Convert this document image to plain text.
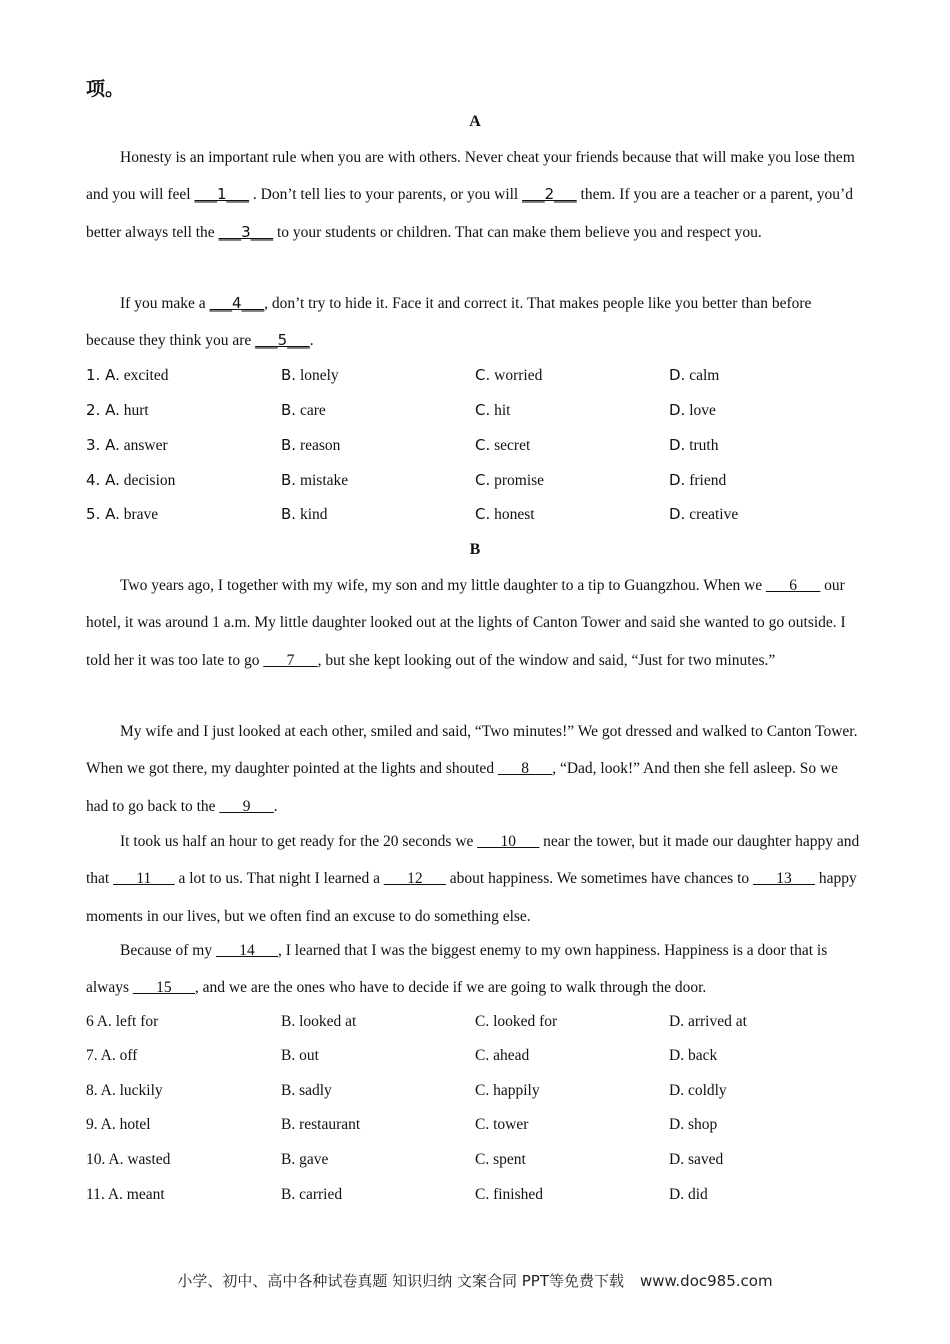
项。
A

Honesty is an important rule when you are with others. Never cheat your friends because that will make you lose them and you will feel ___1___ . Don’t tell lies to your parents, or you will ___2___ them. If you are a teacher or a parent, you’d better always tell the ___3___ to your students or children. That can make them believe you and respect you.

If you make a ___4___, don’t try to hide it. Face it and correct it. That makes people like you better than before because they think you are ___5___.

1. A. excited	B. lonely	C. worried	D. calm
2. A. hurt	B. care	C. hit	D. love
3. A. answer	B. reason	C. secret	D. truth
4. A. decision	B. mistake	C. promise	D. friend
5. A. brave	B. kind	C. honest	D. creative
B

Two years ago, I together with my wife, my son and my little daughter to a tip to Guangzhou. When we ___6___ our hotel, it was around 1 a.m. My little daughter looked out at the lights of Canton Tower and said she wanted to go outside. I told her it was too late to go ___7___, but she kept looking out of the window and said, “Just for two minutes.”

My wife and I just looked at each other, smiled and said, “Two minutes!” We got dressed and walked to Canton Tower. When we got there, my daughter pointed at the lights and shouted ___8___, “Dad, look!” And then she fell asleep. So we had to go back to the ___9___.

It took us half an hour to get ready for the 20 seconds we ___10___ near the tower, but it made our daughter happy and that ___11___ a lot to us. That night I learned a ___12___ about happiness. We sometimes have chances to ___13___ happy moments in our lives, but we often find an excuse to do something else.

Because of my ___14___, I learned that I was the biggest enemy to my own happiness. Happiness is a door that is always ___15___, and we are the ones who have to decide if we are going to walk through the door.

6 A. left for	B. looked at	C. looked for	D. arrived at
7. A. off	B. out	C. ahead	D. back
8. A. luckily	B. sadly	C. happily	D. coldly
9. A. hotel	B. restaurant	C. tower	D. shop
10. A. wasted	B. gave	C. spent	D. saved
11. A. meant	B. carried	C. finished	D. did
小学、初中、高中各种试卷真题 知识归纳 文案合同 PPT等免费下载 www.doc985.com
